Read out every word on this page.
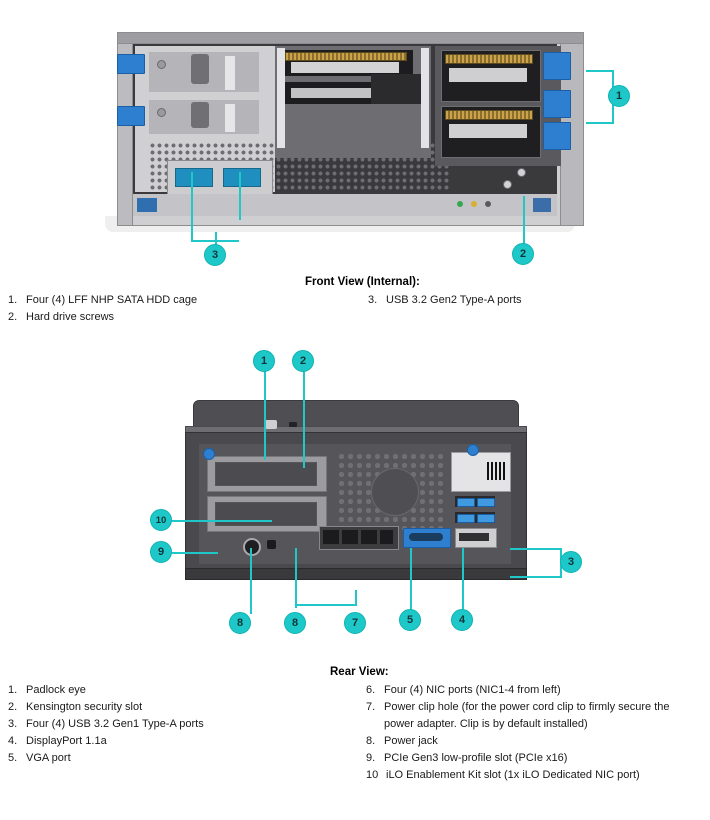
1
2
3
Front View (Internal):
1. Four (4) LFF NHP SATA HDD cage
2. Hard drive screws
3. USB 3.2 Gen2 Type-A ports
1	2
10
9
3
8	8	7	5	4
Rear View:
1. Padlock eye
2. Kensington security slot
3. Four (4) USB 3.2 Gen1 Type-A ports
4. DisplayPort 1.1a
5. VGA port
6. Four (4) NIC ports (NIC1-4 from left)
7. Power clip hole (for the power cord clip to firmly secure the power adapter. Clip is by default installed)
8. Power jack
9. PCIe Gen3 low-profile slot (PCIe x16)
10 iLO Enablement Kit slot (1x iLO Dedicated NIC port)
